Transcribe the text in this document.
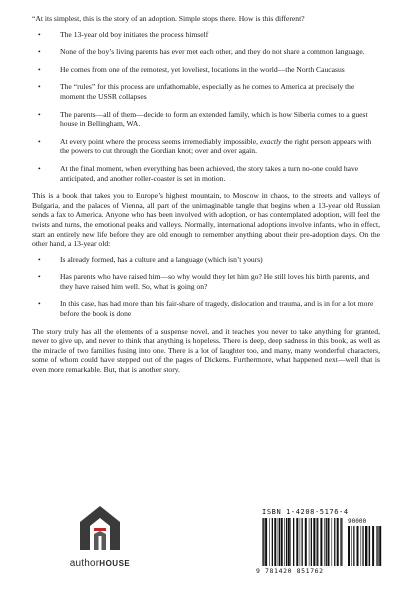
“At its simplest, this is the story of an adoption. Simple stops there. How is this different?

•	The 13-year old boy initiates the process himself
•	None of the boy’s living parents has ever met each other, and they do not share a common language.
•	He comes from one of the remotest, yet loveliest, locations in the world—the North Caucasus
•	The “rules” for this process are unfathomable, especially as he comes to America at precisely the moment the USSR collapses
•	The parents—all of them—decide to form an extended family, which is how Siberia comes to a guest house in Bellingham, WA.
•	At every point where the process seems irremediably impossible, exactly the right person appears with the powers to cut through the Gordian knot; over and over again.
•	At the final moment, when everything has been achieved, the story takes a turn no-one could have anticipated, and another roller-coaster is set in motion.

This is a book that takes you to Europe’s highest mountain, to Moscow in chaos, to the streets and valleys of Bulgaria, and the palaces of Vienna, all part of the unimaginable tangle that begins when a 13-year old Russian sends a fax to America. Anyone who has been involved with adoption, or has contemplated adoption, will feel the twists and turns, the emotional peaks and valleys. Normally, international adoptions involve infants, who in effect, start an entirely new life before they are old enough to remember anything about their pre-adoption days. On the other hand, a 13-year old:

•	Is already formed, has a culture and a language (which isn’t yours)
•	Has parents who have raised him—so why would they let him go? He still loves his birth parents, and they have raised him well. So, what is going on?
•	In this case, has had more than his fair-share of tragedy, dislocation and trauma, and is in for a lot more before the book is done

The story truly has all the elements of a suspense novel, and it teaches you never to take anything for granted, never to give up, and never to think that anything is hopeless. There is deep, deep sadness in this book, as well as the miracle of two families fusing into one. There is a lot of laughter too, and many, many wonderful characters, some of whom could have stepped out of the pages of Dickens. Furthermore, what happened next—well that is even more remarkable. But, that is another story.

authorHOUSE
ISBN 1-4208-5176-4
90000
9 781420 851762
